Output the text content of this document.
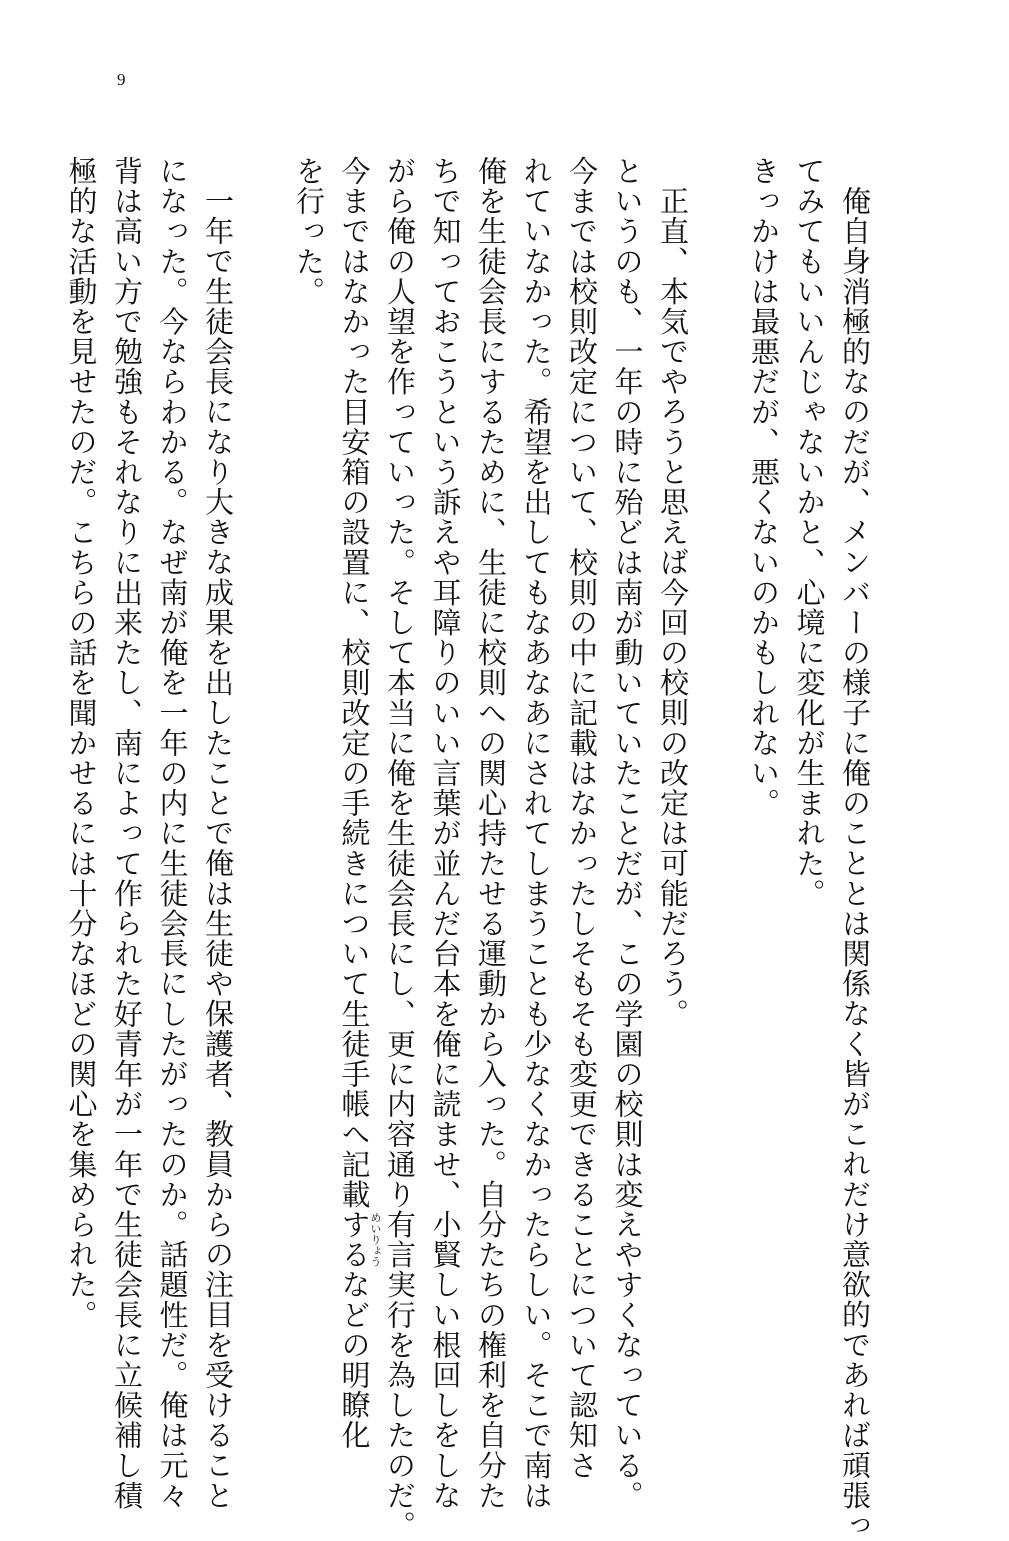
9
俺自身消極的なのだが、メンバーの様子に俺のこととは関係なく皆がこれだけ意欲的であれば頑張っ
てみてもいいんじゃないかと、心境に変化が生まれた。
きっかけは最悪だが、悪くないのかもしれない。
正直、本気でやろうと思えば今回の校則の改定は可能だろう。
というのも、一年の時に殆どは南が動いていたことだが、この学園の校則は変えやすくなっている。
今までは校則改定について、校則の中に記載はなかったしそもそも変更できることについて認知さ
れていなかった。希望を出してもなあなあにされてしまうことも少なくなかったらしい。そこで南は
俺を生徒会長にするために、生徒に校則への関心持たせる運動から入った。自分たちの権利を自分た
ちで知っておこうという訴えや耳障りのいい言葉が並んだ台本を俺に読ませ、小賢しい根回しをしな
がら俺の人望を作っていった。そして本当に俺を生徒会長にし、更に内容通り有言実行を為したのだ。
今まではなかった目安箱の設置に、校則改定の手続きについて生徒手帳へ記載するなどの明瞭化
を行った。
一年で生徒会長になり大きな成果を出したことで俺は生徒や保護者、教員からの注目を受けること
になった。今ならわかる。なぜ南が俺を一年の内に生徒会長にしたがったのか。話題性だ。俺は元々
背は高い方で勉強もそれなりに出来たし、南によって作られた好青年が一年で生徒会長に立候補し積
極的な活動を見せたのだ。こちらの話を聞かせるには十分なほどの関心を集められた。	めいりょう
